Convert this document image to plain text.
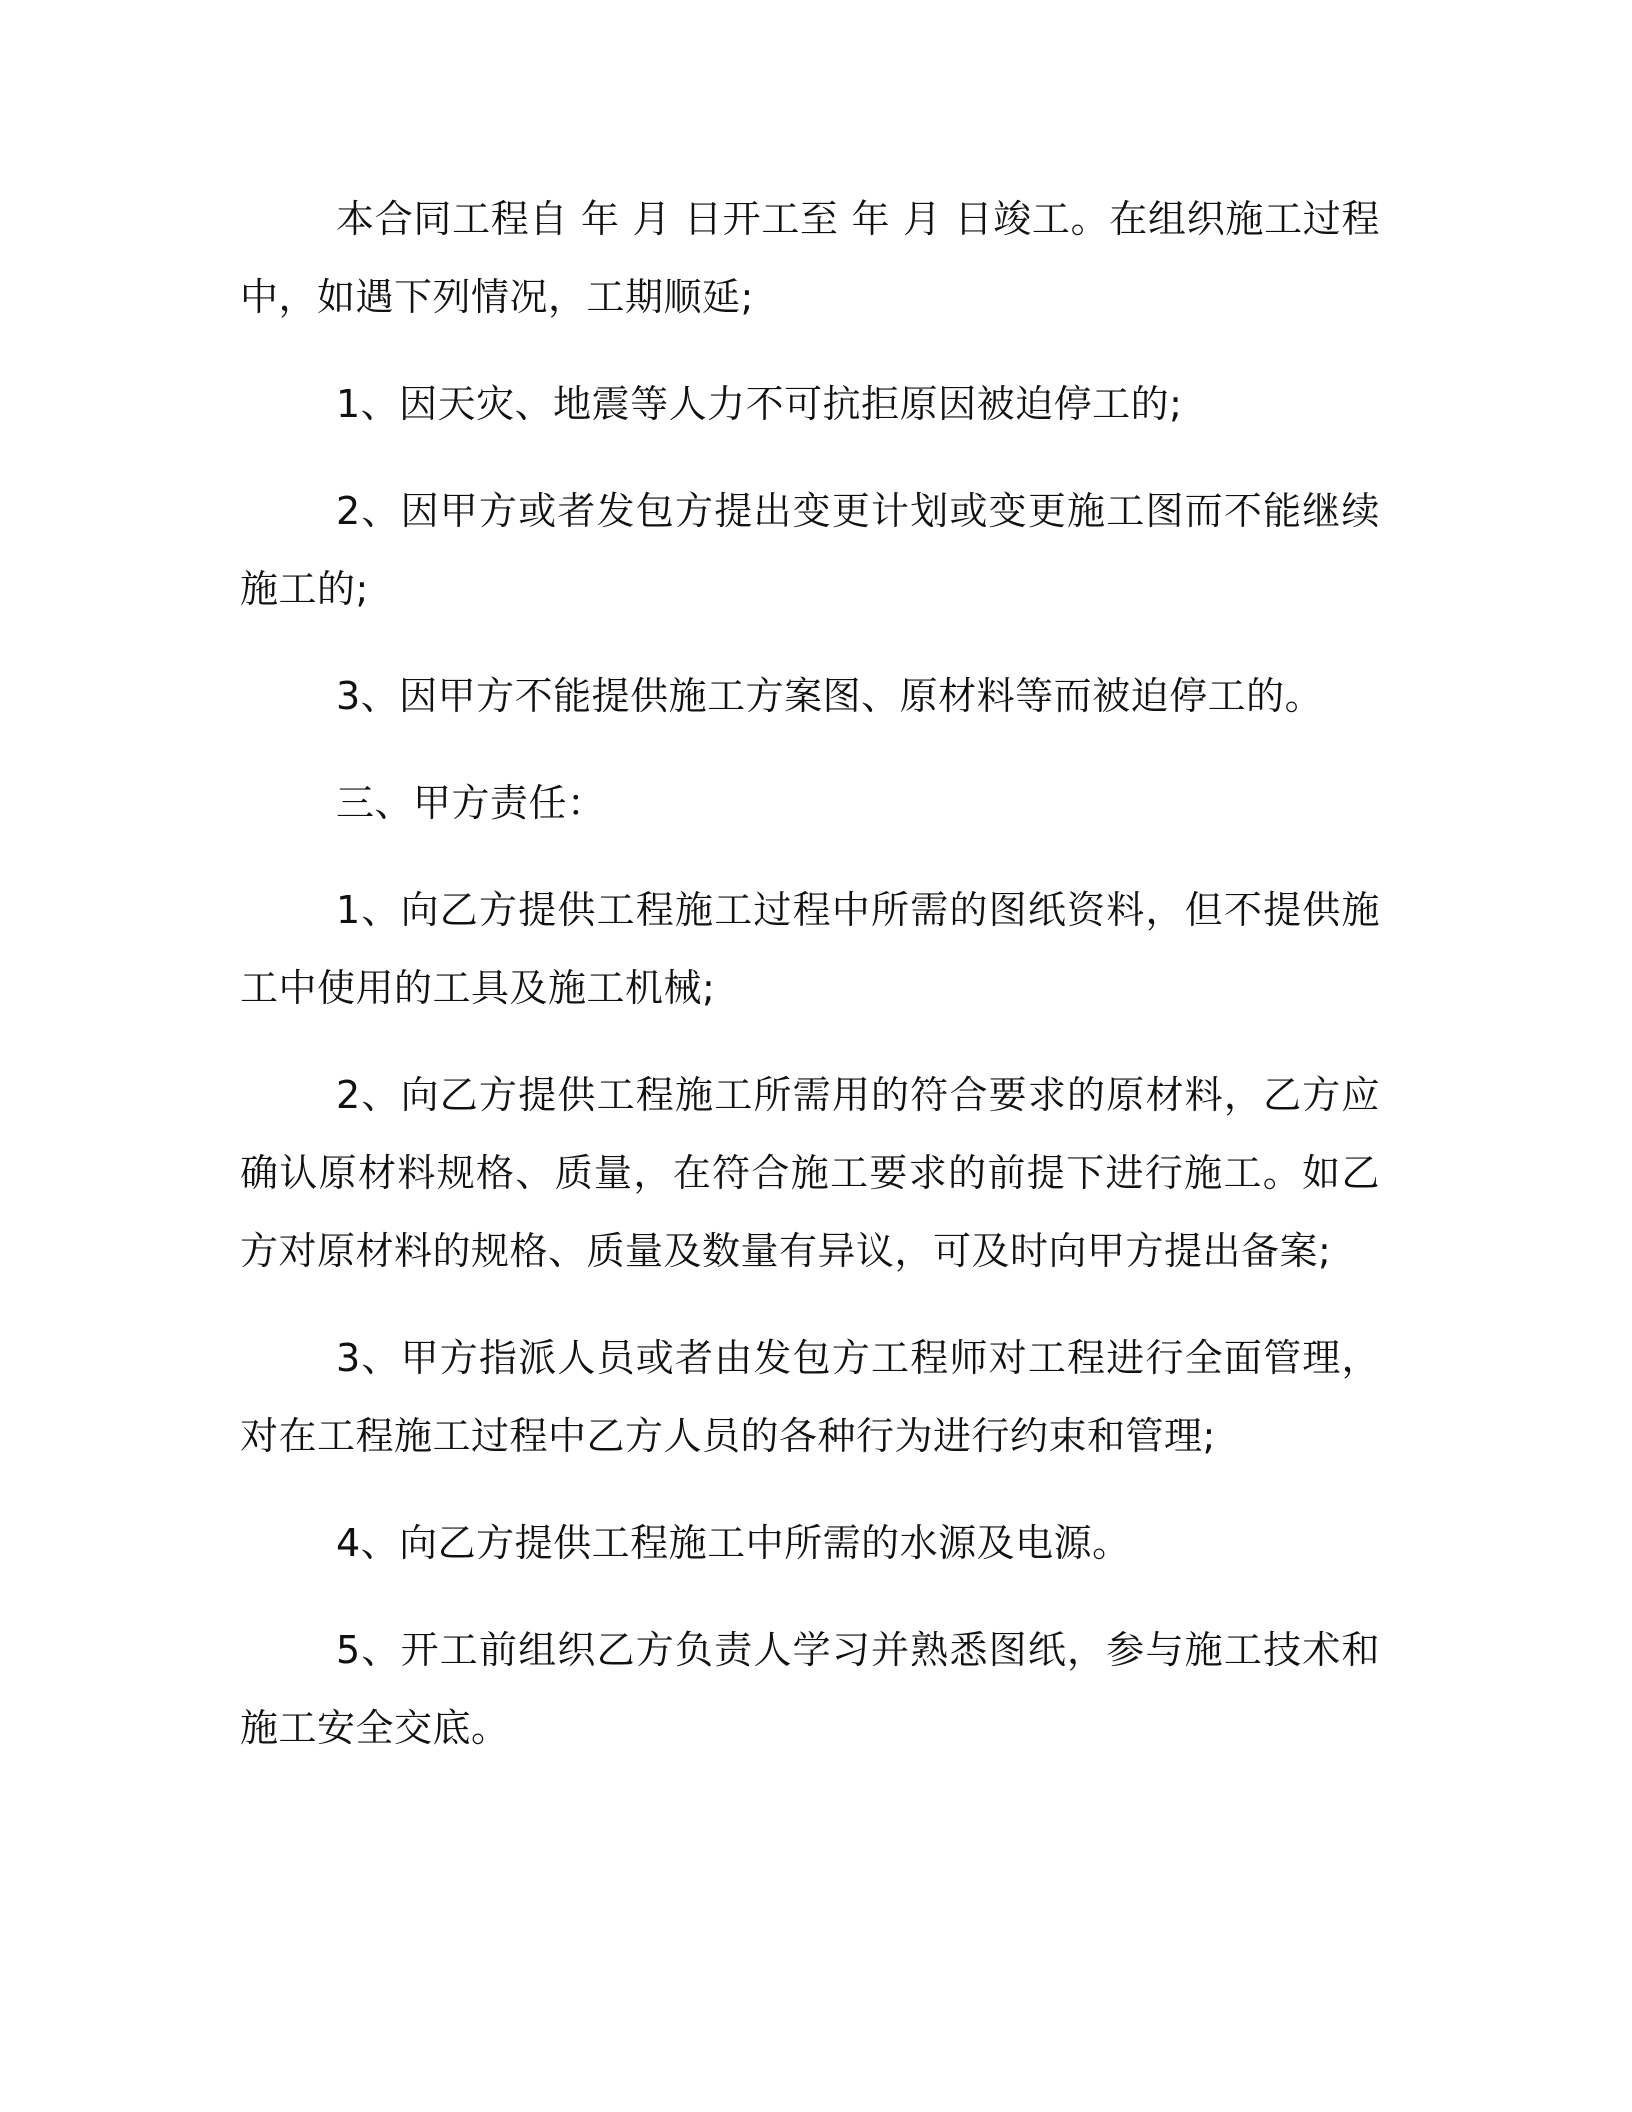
本合同工程自 年 月 日开工至 年 月 日竣工。在组织施工过程中，如遇下列情况，工期顺延;

1、因天灾、地震等人力不可抗拒原因被迫停工的;

2、因甲方或者发包方提出变更计划或变更施工图而不能继续施工的;

3、因甲方不能提供施工方案图、原材料等而被迫停工的。

三、甲方责任：

1、向乙方提供工程施工过程中所需的图纸资料，但不提供施工中使用的工具及施工机械;

2、向乙方提供工程施工所需用的符合要求的原材料，乙方应确认原材料规格、质量，在符合施工要求的前提下进行施工。如乙方对原材料的规格、质量及数量有异议，可及时向甲方提出备案;

3、甲方指派人员或者由发包方工程师对工程进行全面管理，对在工程施工过程中乙方人员的各种行为进行约束和管理;

4、向乙方提供工程施工中所需的水源及电源。

5、开工前组织乙方负责人学习并熟悉图纸，参与施工技术和施工安全交底。
